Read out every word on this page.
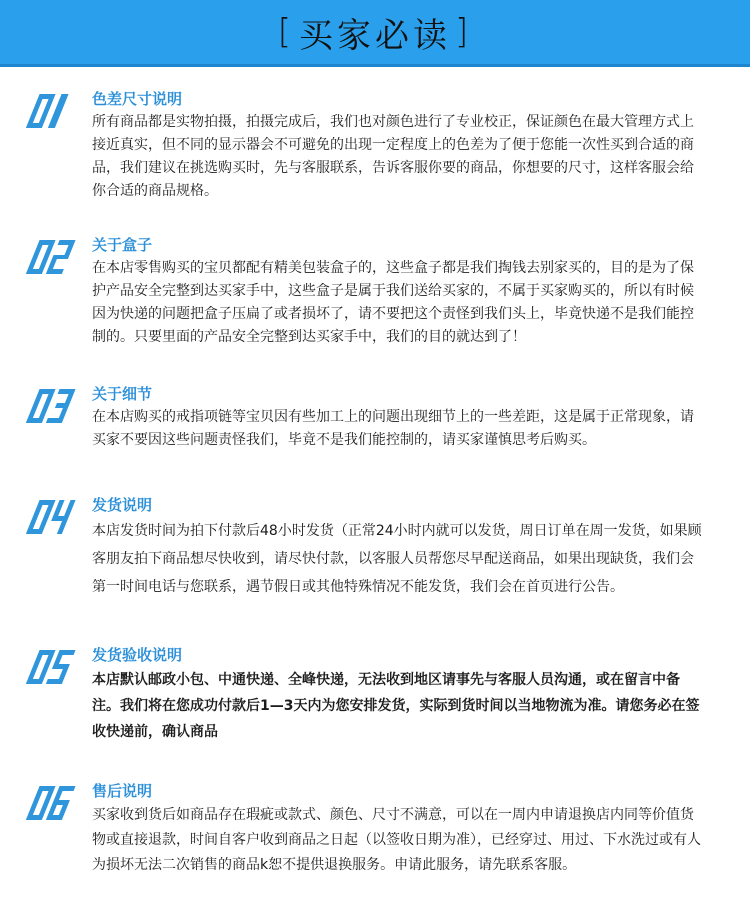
[ 买家必读 ]
01
色差尺寸说明
所有商品都是实物拍摄，拍摄完成后，我们也对颜色进行了专业校正，保证颜色在最大管理方式上接近真实，但不同的显示器会不可避免的出现一定程度上的色差为了便于您能一次性买到合适的商品，我们建议在挑选购买时，先与客服联系，告诉客服你要的商品，你想要的尺寸，这样客服会给你合适的商品规格。
02
关于盒子
在本店零售购买的宝贝都配有精美包装盒子的，这些盒子都是我们掏钱去别家买的，目的是为了保护产品安全完整到达买家手中，这些盒子是属于我们送给买家的，不属于买家购买的，所以有时候因为快递的问题把盒子压扁了或者损坏了，请不要把这个责怪到我们头上，毕竟快递不是我们能控制的。只要里面的产品安全完整到达买家手中，我们的目的就达到了！
03
关于细节
在本店购买的戒指项链等宝贝因有些加工上的问题出现细节上的一些差距，这是属于正常现象，请买家不要因这些问题责怪我们，毕竟不是我们能控制的，请买家谨慎思考后购买。
04
发货说明
本店发货时间为拍下付款后48小时发货（正常24小时内就可以发货，周日订单在周一发货，如果顾客朋友拍下商品想尽快收到，请尽快付款，以客服人员帮您尽早配送商品，如果出现缺货，我们会第一时间电话与您联系，遇节假日或其他特殊情况不能发货，我们会在首页进行公告。
05
发货验收说明
本店默认邮政小包、中通快递、全峰快递，无法收到地区请事先与客服人员沟通，或在留言中备注。我们将在您成功付款后1—3天内为您安排发货，实际到货时间以当地物流为准。请您务必在签收快递前，确认商品
06
售后说明
买家收到货后如商品存在瑕疵或款式、颜色、尺寸不满意，可以在一周内申请退换店内同等价值货物或直接退款，时间自客户收到商品之日起（以签收日期为准），已经穿过、用过、下水洗过或有人为损坏无法二次销售的商品k恕不提供退换服务。申请此服务，请先联系客服。
